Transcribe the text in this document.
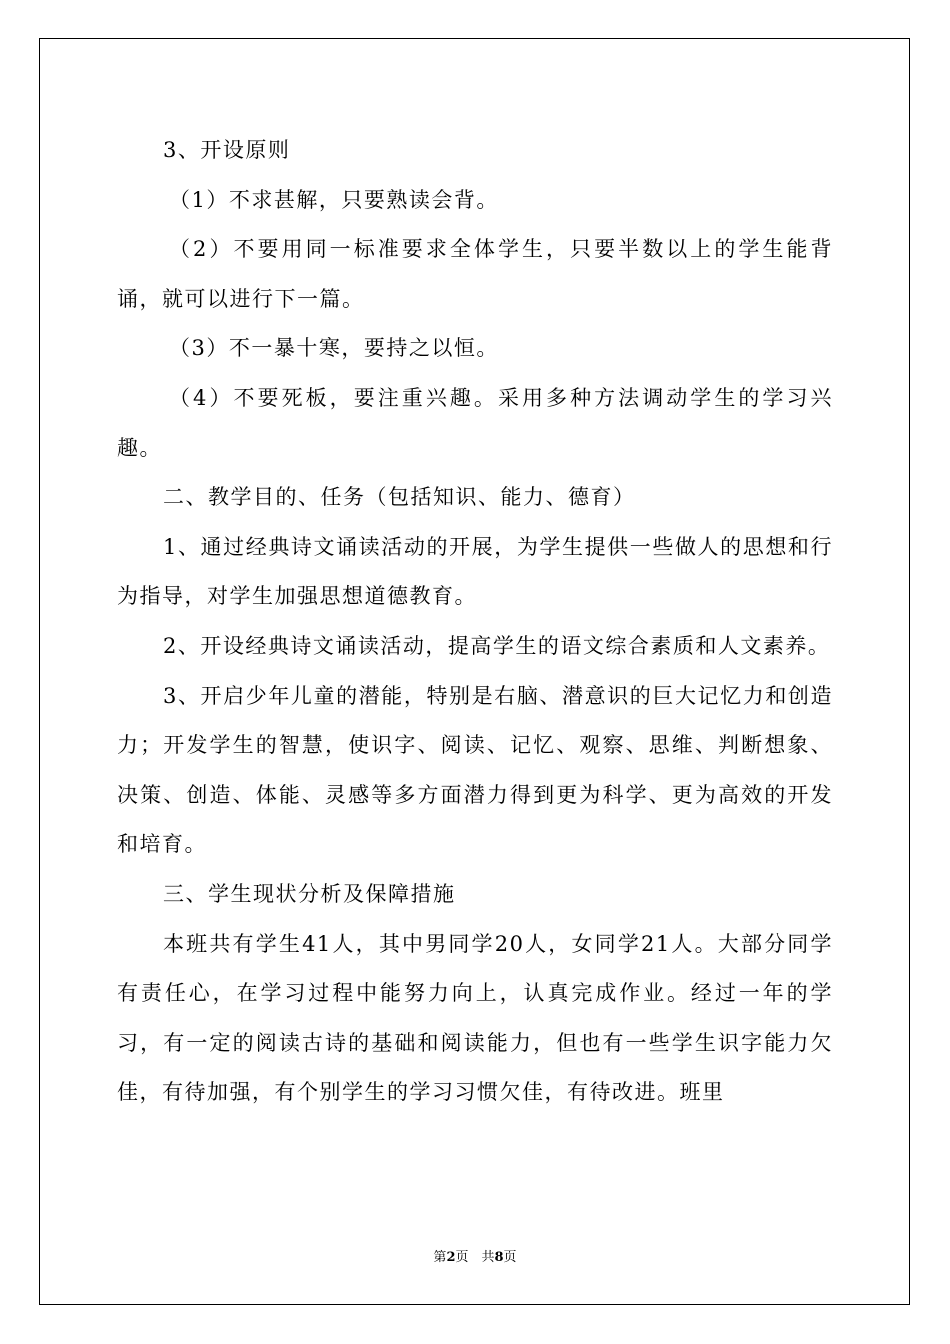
3、开设原则

（1）不求甚解，只要熟读会背。

（2）不要用同一标准要求全体学生，只要半数以上的学生能背诵，就可以进行下一篇。

（3）不一暴十寒，要持之以恒。

（4）不要死板，要注重兴趣。采用多种方法调动学生的学习兴趣。

二、教学目的、任务（包括知识、能力、德育）

1、通过经典诗文诵读活动的开展，为学生提供一些做人的思想和行为指导，对学生加强思想道德教育。

2、开设经典诗文诵读活动，提高学生的语文综合素质和人文素养。

3、开启少年儿童的潜能，特别是右脑、潜意识的巨大记忆力和创造力；开发学生的智慧，使识字、阅读、记忆、观察、思维、判断想象、决策、创造、体能、灵感等多方面潜力得到更为科学、更为高效的开发和培育。

三、学生现状分析及保障措施

本班共有学生41人，其中男同学20人，女同学21人。大部分同学有责任心，在学习过程中能努力向上，认真完成作业。经过一年的学习，有一定的阅读古诗的基础和阅读能力，但也有一些学生识字能力欠佳，有待加强，有个别学生的学习习惯欠佳，有待改进。班里

第2页　共8页
